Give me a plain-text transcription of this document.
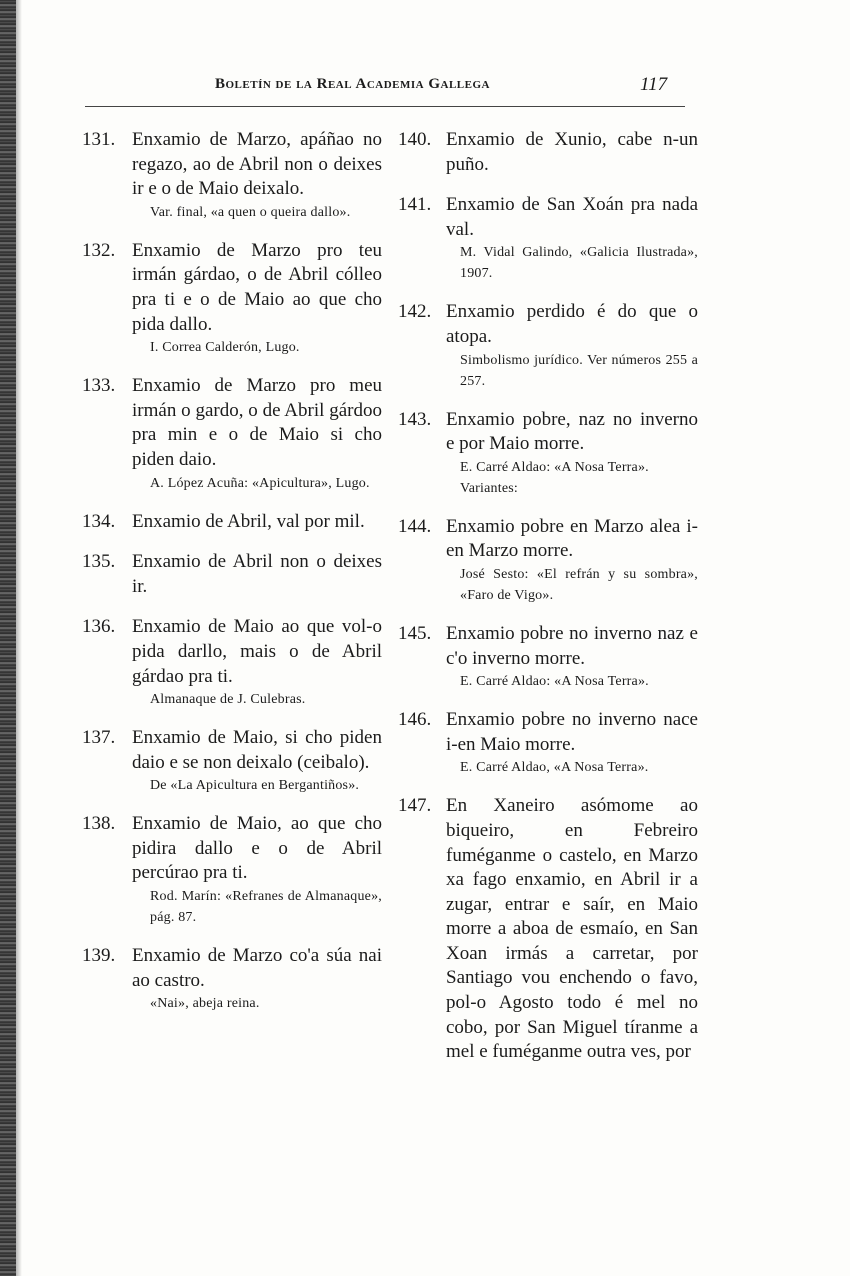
Boletín de la Real Academia Gallega	117
131. Enxamio de Marzo, apáñao no regazo, ao de Abril non o deixes ir e o de Maio deixalo.
Var. final, «a quen o queira dallo».
132. Enxamio de Marzo pro teu irmán gárdao, o de Abril cólleo pra ti e o de Maio ao que cho pida dallo.
I. Correa Calderón, Lugo.
133. Enxamio de Marzo pro meu irmán o gardo, o de Abril gárdoo pra min e o de Maio si cho piden daio.
A. López Acuña: «Apicultura», Lugo.
134. Enxamio de Abril, val por mil.
135. Enxamio de Abril non o deixes ir.
136. Enxamio de Maio ao que vol-o pida darllo, mais o de Abril gárdao pra ti.
Almanaque de J. Culebras.
137. Enxamio de Maio, si cho piden daio e se non deixalo (ceibalo).
De «La Apicultura en Bergantiños».
138. Enxamio de Maio, ao que cho pidira dallo e o de Abril percúrao pra ti.
Rod. Marín: «Refranes de Almanaque», pág. 87.
139. Enxamio de Marzo co'a súa nai ao castro.
«Nai», abeja reina.
140. Enxamio de Xunio, cabe n-un puño.
141. Enxamio de San Xoán pra nada val.
M. Vidal Galindo, «Galicia Ilustrada», 1907.
142. Enxamio perdido é do que o atopa.
Simbolismo jurídico. Ver números 255 a 257.
143. Enxamio pobre, naz no inverno e por Maio morre.
E. Carré Aldao: «A Nosa Terra».
Variantes:
144. Enxamio pobre en Marzo alea i-en Marzo morre.
José Sesto: «El refrán y su sombra», «Faro de Vigo».
145. Enxamio pobre no inverno naz e c'o inverno morre.
E. Carré Aldao: «A Nosa Terra».
146. Enxamio pobre no inverno nace i-en Maio morre.
E. Carré Aldao, «A Nosa Terra».
147. En Xaneiro asómome ao biqueiro, en Febreiro fuméganme o castelo, en Marzo xa fago enxamio, en Abril ir a zugar, entrar e saír, en Maio morre a aboa de esmaío, en San Xoan irmás a carretar, por Santiago vou enchendo o favo, pol-o Agosto todo é mel no cobo, por San Miguel tíranme a mel e fuméganme outra ves, por
